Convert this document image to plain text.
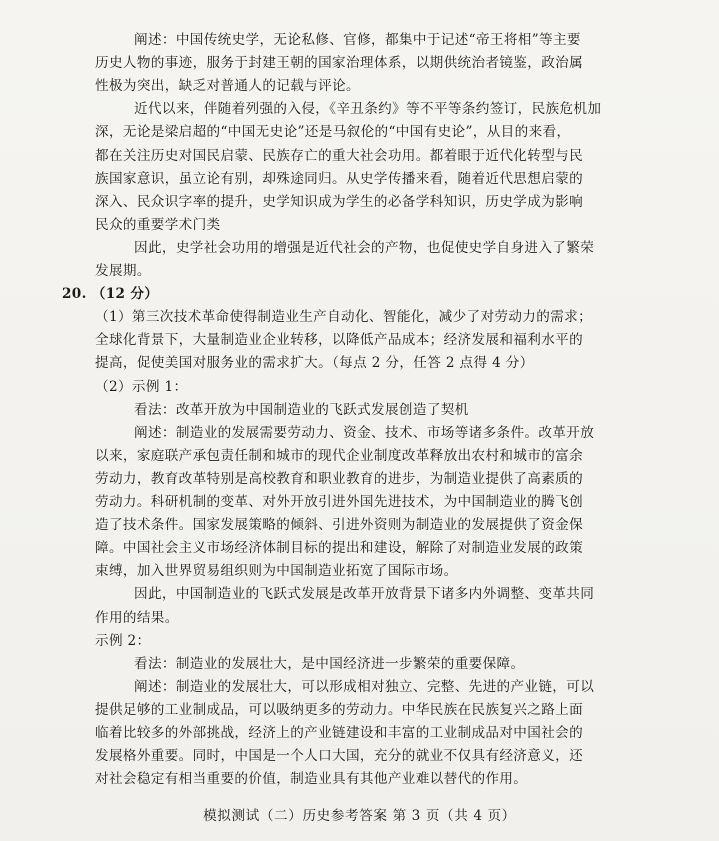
阐述：中国传统史学，无论私修、官修，都集中于记述“帝王将相”等主要
历史人物的事迹，服务于封建王朝的国家治理体系，以期供统治者镜鉴，政治属
性极为突出，缺乏对普通人的记载与评论。
近代以来，伴随着列强的入侵，《辛丑条约》等不平等条约签订，民族危机加
深，无论是梁启超的“中国无史论”还是马叙伦的“中国有史论”，从目的来看，
都在关注历史对国民启蒙、民族存亡的重大社会功用。都着眼于近代化转型与民
族国家意识，虽立论有别，却殊途同归。从史学传播来看，随着近代思想启蒙的
深入、民众识字率的提升，史学知识成为学生的必备学科知识，历史学成为影响
民众的重要学术门类
因此，史学社会功用的增强是近代社会的产物，也促使史学自身进入了繁荣
发展期。
20. （12 分）
（1）第三次技术革命使得制造业生产自动化、智能化，减少了对劳动力的需求；
全球化背景下，大量制造业企业转移，以降低产品成本；经济发展和福利水平的
提高，促使美国对服务业的需求扩大。（每点 2 分，任答 2 点得 4 分）
（2）示例 1：
看法：改革开放为中国制造业的飞跃式发展创造了契机
阐述：制造业的发展需要劳动力、资金、技术、市场等诸多条件。改革开放
以来，家庭联产承包责任制和城市的现代企业制度改革释放出农村和城市的富余
劳动力，教育改革特别是高校教育和职业教育的进步，为制造业提供了高素质的
劳动力。科研机制的变革、对外开放引进外国先进技术，为中国制造业的腾飞创
造了技术条件。国家发展策略的倾斜、引进外资则为制造业的发展提供了资金保
障。中国社会主义市场经济体制目标的提出和建设，解除了对制造业发展的政策
束缚，加入世界贸易组织则为中国制造业拓宽了国际市场。
因此，中国制造业的飞跃式发展是改革开放背景下诸多内外调整、变革共同
作用的结果。
示例 2：
看法：制造业的发展壮大，是中国经济进一步繁荣的重要保障。
阐述：制造业的发展壮大，可以形成相对独立、完整、先进的产业链，可以
提供足够的工业制成品，可以吸纳更多的劳动力。中华民族在民族复兴之路上面
临着比较多的外部挑战，经济上的产业链建设和丰富的工业制成品对中国社会的
发展格外重要。同时，中国是一个人口大国，充分的就业不仅具有经济意义，还
对社会稳定有相当重要的价值，制造业具有其他产业难以替代的作用。
模拟测试（二）历史参考答案 第 3 页（共 4 页）
